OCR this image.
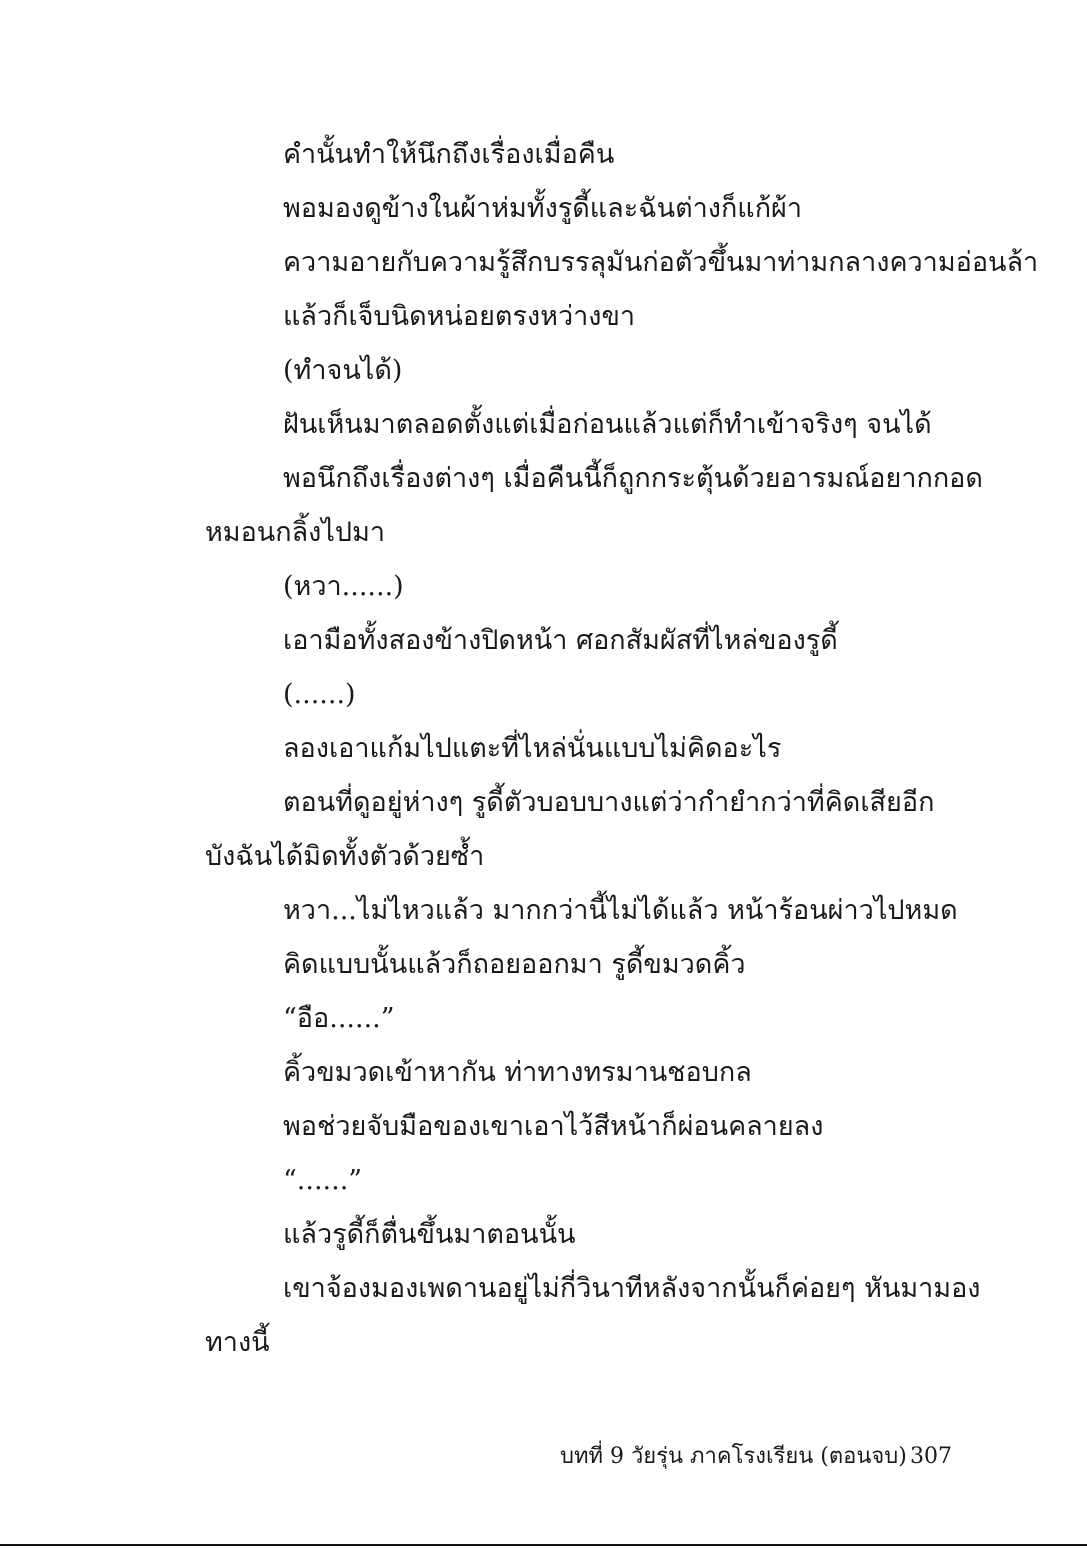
คำนั้นทำให้นึกถึงเรื่องเมื่อคืน
พอมองดูข้างในผ้าห่มทั้งรูดี้และฉันต่างก็แก้ผ้า
ความอายกับความรู้สึกบรรลุมันก่อตัวขึ้นมาท่ามกลางความอ่อนล้า
แล้วก็เจ็บนิดหน่อยตรงหว่างขา
(ทำจนได้)
ฝันเห็นมาตลอดตั้งแต่เมื่อก่อนแล้วแต่ก็ทำเข้าจริงๆ จนได้
พอนึกถึงเรื่องต่างๆ เมื่อคืนนี้ก็ถูกกระตุ้นด้วยอารมณ์อยากกอด
หมอนกลิ้งไปมา
(หวา......)
เอามือทั้งสองข้างปิดหน้า ศอกสัมผัสที่ไหล่ของรูดี้
(......)
ลองเอาแก้มไปแตะที่ไหล่นั่นแบบไม่คิดอะไร
ตอนที่ดูอยู่ห่างๆ รูดี้ตัวบอบบางแต่ว่ากำยำกว่าที่คิดเสียอีก
บังฉันได้มิดทั้งตัวด้วยซ้ำ
หวา...ไม่ไหวแล้ว มากกว่านี้ไม่ได้แล้ว หน้าร้อนผ่าวไปหมด
คิดแบบนั้นแล้วก็ถอยออกมา รูดี้ขมวดคิ้ว
“อือ......”
คิ้วขมวดเข้าหากัน ท่าทางทรมานชอบกล
พอช่วยจับมือของเขาเอาไว้สีหน้าก็ผ่อนคลายลง
“......”
แล้วรูดี้ก็ตื่นขึ้นมาตอนนั้น
เขาจ้องมองเพดานอยู่ไม่กี่วินาทีหลังจากนั้นก็ค่อยๆ หันมามอง
ทางนี้
บทที่ 9 วัยรุ่น ภาคโรงเรียน (ตอนจบ) 307
